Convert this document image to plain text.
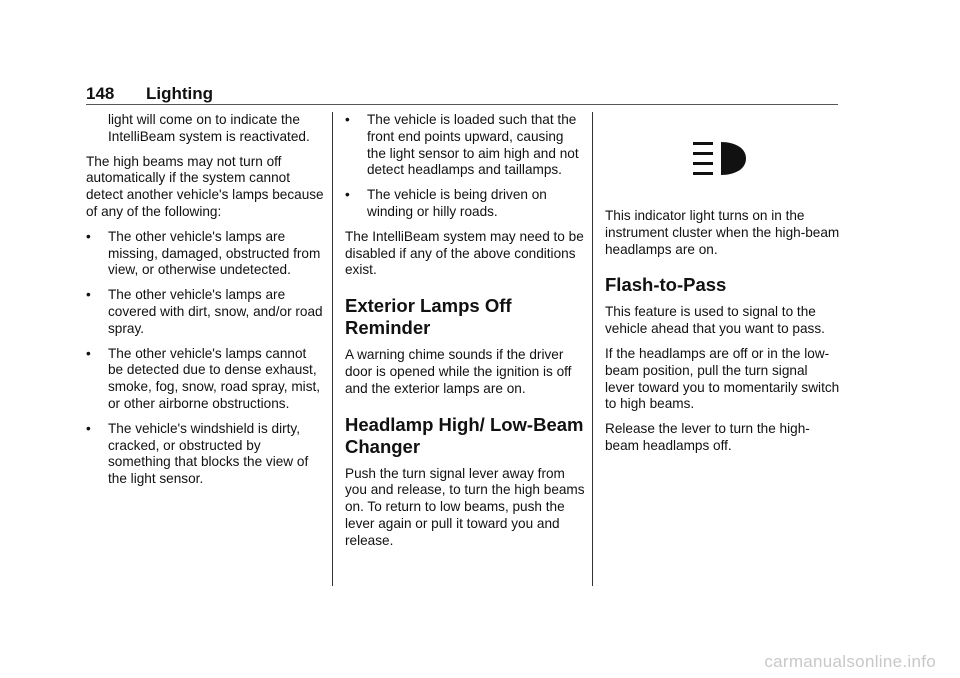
148 Lighting

light will come on to indicate the IntelliBeam system is reactivated.

The high beams may not turn off automatically if the system cannot detect another vehicle's lamps because of any of the following:

• The other vehicle's lamps are missing, damaged, obstructed from view, or otherwise undetected.
• The other vehicle's lamps are covered with dirt, snow, and/or road spray.
• The other vehicle's lamps cannot be detected due to dense exhaust, smoke, fog, snow, road spray, mist, or other airborne obstructions.
• The vehicle's windshield is dirty, cracked, or obstructed by something that blocks the view of the light sensor.
• The vehicle is loaded such that the front end points upward, causing the light sensor to aim high and not detect headlamps and taillamps.
• The vehicle is being driven on winding or hilly roads.

The IntelliBeam system may need to be disabled if any of the above conditions exist.

Exterior Lamps Off Reminder

A warning chime sounds if the driver door is opened while the ignition is off and the exterior lamps are on.

Headlamp High/ Low-Beam Changer

Push the turn signal lever away from you and release, to turn the high beams on. To return to low beams, push the lever again or pull it toward you and release.

This indicator light turns on in the instrument cluster when the high-beam headlamps are on.

Flash-to-Pass

This feature is used to signal to the vehicle ahead that you want to pass.

If the headlamps are off or in the low-beam position, pull the turn signal lever toward you to momentarily switch to high beams.

Release the lever to turn the high-beam headlamps off.

carmanualsonline.info
